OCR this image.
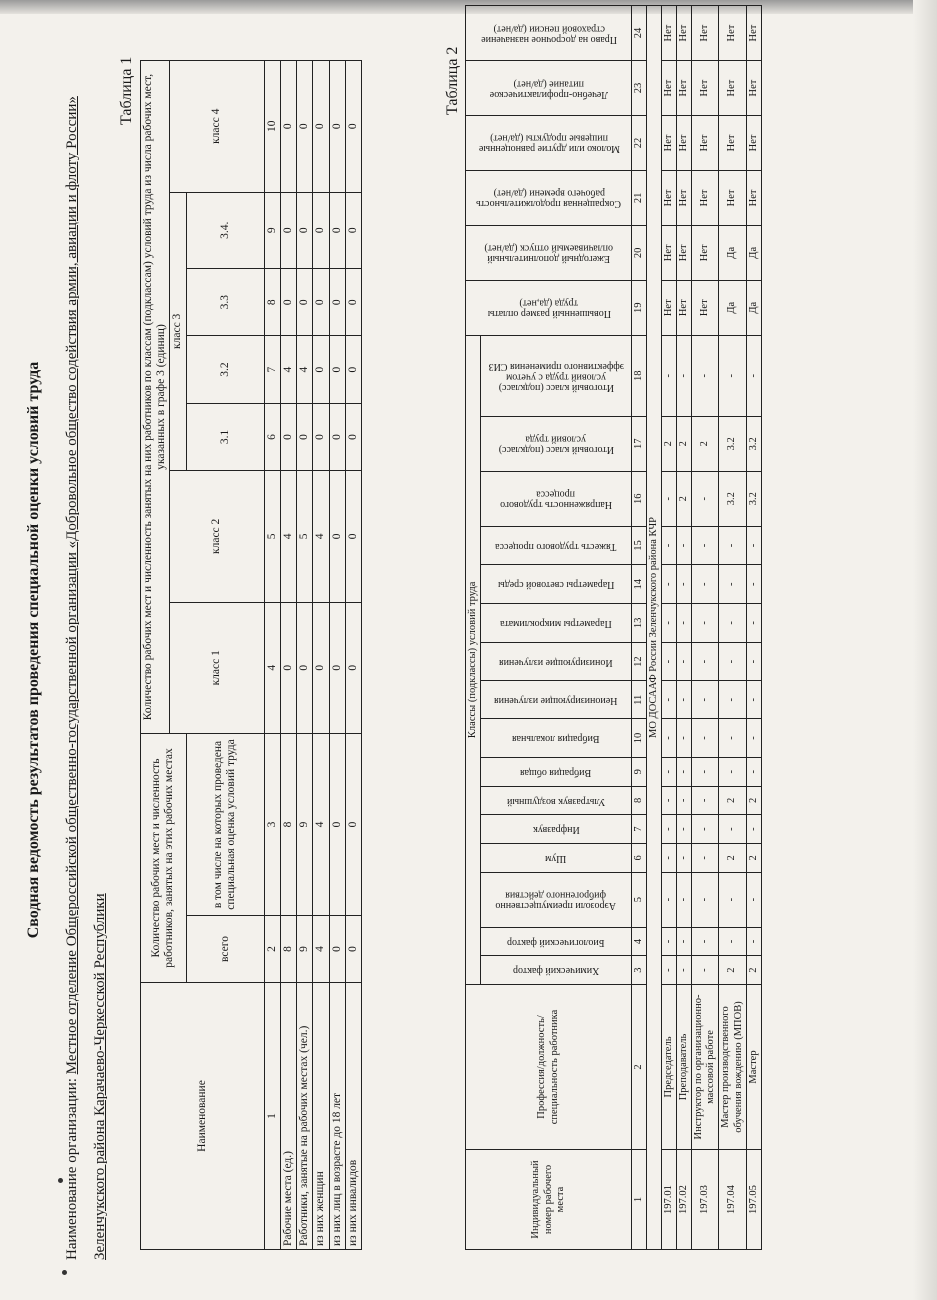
Сводная ведомость результатов проведения специальной оценки условий труда
Наименование организации: Местное отделение Общероссийской общественно-государственной организации «Добровольное общество содействия армии, авиации и флоту России» Зеленчукского района Карачаево-Черкесской Республики
Таблица 1
Наименование	Количество рабочих мест и численность работников, занятых на этих рабочих местах		Количество рабочих мест и численность занятых на них работников по классам (подклассам) условий труда из числа рабочих мест, указанных в графе 3 (единиц)						
			класс 1	класс 2	класс 3				класс 4
	всего	в том числе на которых проведена специальная оценка условий труда			3.1	3.2	3.3	3.4.	
1	2	3	4	5	6	7	8	9	10
Рабочие места (ед.)	8	8	0	4	0	4	0	0	0
Работники, занятые на рабочих местах (чел.)	9	9	0	5	0	4	0	0	0
из них женщин	4	4	0	4	0	0	0	0	0
из них лиц в возрасте до 18 лет	0	0	0	0	0	0	0	0	0
из них инвалидов	0	0	0	0	0	0	0	0	0
Таблица 2
Индивидуальный номер рабочего места	Профессия/должность/специальность работника	Классы (подклассы) условий труда																Повышенный размер оплаты труда (да,нет)	Ежегодный дополнительный оплачиваемый отпуск (да/нет)	Сокращенная продолжительность рабочего времени (да/нет)	Молоко или другие равноценные пищевые продукты (да/нет)	Лечебно-профилактическое питание (да/нет)	Право на досрочное назначение страховой пенсии (да/нет)

		Химический фактор	Биологический фактор	Аэрозоли преимущественно фиброгенного действия	Шум	Инфразвук	Ультразвук воздушный	Вибрация общая	Вибрация локальная	Неионизирующие излучения	Ионизирующие излучения	Параметры микроклимата	Параметры световой среды	Тяжесть трудового процесса	Напряженность трудового процесса	Итоговый класс (подкласс) условий труда	Итоговый класс (подкласс) условий труда с учетом эффективного применения СИЗ						

1	2	3	4	5	6	7	8	9	10	11	12	13	14	15	16	17	18	19	20	21	22	23	24
МО ДОСААФ России Зеленчукского района КЧР																							
197.01	Председатель	-	-	-	-	-	-	-	-	-	-	-	-	-	-	2	-	Нет	Нет	Нет	Нет	Нет	Нет
197.02	Преподаватель	-	-	-	-	-	-	-	-	-	-	-	-	-	2	2	-	Нет	Нет	Нет	Нет	Нет	Нет
197.03	Инструктор по организационно-массовой работе	-	-	-	-	-	-	-	-	-	-	-	-	-	-	2	-	Нет	Нет	Нет	Нет	Нет	Нет
197.04	Мастер производственного обучения вождению (МПОВ)	2	-	-	2	-	2	-	-	-	-	-	-	-	3.2	3.2	-	Да	Да	Нет	Нет	Нет	Нет
197.05	Мастер	2	-	-	2	-	2	-	-	-	-	-	-	-	3.2	3.2	-	Да	Да	Нет	Нет	Нет	Нет
